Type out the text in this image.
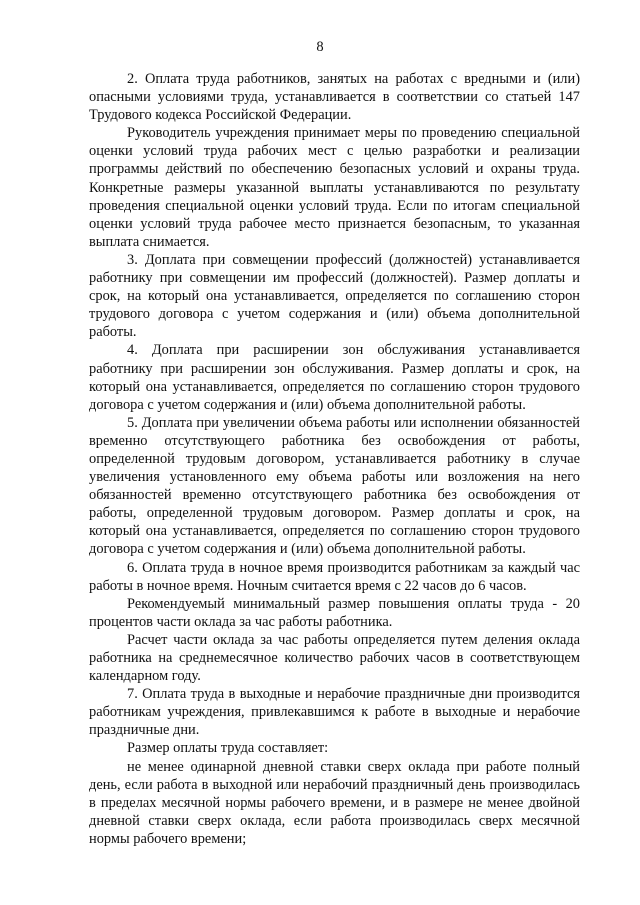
8

2. Оплата труда работников, занятых на работах с вредными и (или) опасными условиями труда, устанавливается в соответствии со статьей 147 Трудового кодекса Российской Федерации.

Руководитель учреждения принимает меры по проведению специальной оценки условий труда рабочих мест с целью разработки и реализации программы действий по обеспечению безопасных условий и охраны труда. Конкретные размеры указанной выплаты устанавливаются по результату проведения специальной оценки условий труда. Если по итогам специальной оценки условий труда рабочее место признается безопасным, то указанная выплата снимается.

3. Доплата при совмещении профессий (должностей) устанавливается работнику при совмещении им профессий (должностей). Размер доплаты и срок, на который она устанавливается, определяется по соглашению сторон трудового договора с учетом содержания и (или) объема дополнительной работы.

4. Доплата при расширении зон обслуживания устанавливается работнику при расширении зон обслуживания. Размер доплаты и срок, на который она устанавливается, определяется по соглашению сторон трудового договора с учетом содержания и (или) объема дополнительной работы.

5. Доплата при увеличении объема работы или исполнении обязанностей временно отсутствующего работника без освобождения от работы, определенной трудовым договором, устанавливается работнику в случае увеличения установленного ему объема работы или возложения на него обязанностей временно отсутствующего работника без освобождения от работы, определенной трудовым договором. Размер доплаты и срок, на который она устанавливается, определяется по соглашению сторон трудового договора с учетом содержания и (или) объема дополнительной работы.

6. Оплата труда в ночное время производится работникам за каждый час работы в ночное время. Ночным считается время с 22 часов до 6 часов.

Рекомендуемый минимальный размер повышения оплаты труда - 20 процентов части оклада за час работы работника.

Расчет части оклада за час работы определяется путем деления оклада работника на среднемесячное количество рабочих часов в соответствующем календарном году.

7. Оплата труда в выходные и нерабочие праздничные дни производится работникам учреждения, привлекавшимся к работе в выходные и нерабочие праздничные дни.

Размер оплаты труда составляет:

не менее одинарной дневной ставки сверх оклада при работе полный день, если работа в выходной или нерабочий праздничный день производилась в пределах месячной нормы рабочего времени, и в размере не менее двойной дневной ставки сверх оклада, если работа производилась сверх месячной нормы рабочего времени;
